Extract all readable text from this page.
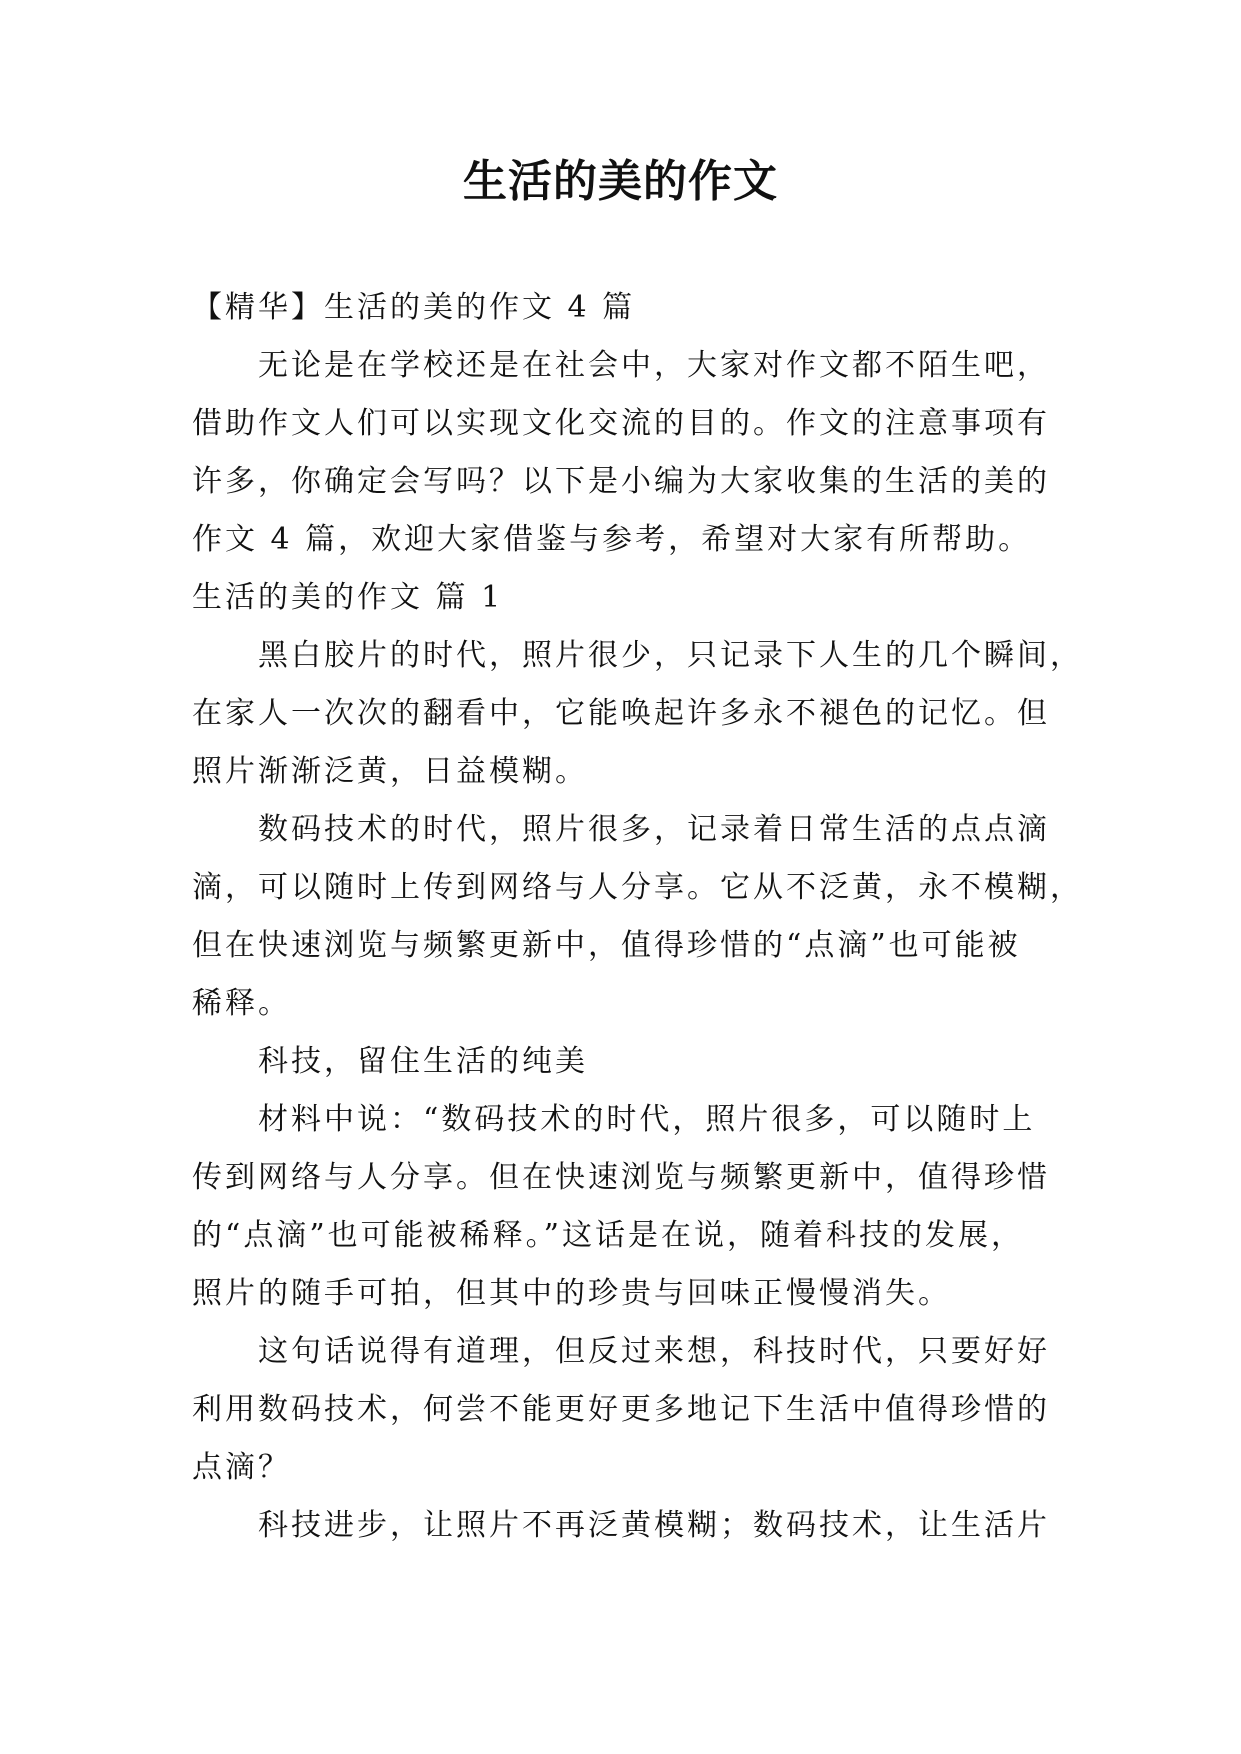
生活的美的作文
【精华】生活的美的作文 4 篇
无论是在学校还是在社会中，大家对作文都不陌生吧，
借助作文人们可以实现文化交流的目的。作文的注意事项有
许多，你确定会写吗？以下是小编为大家收集的生活的美的
作文 4 篇，欢迎大家借鉴与参考，希望对大家有所帮助。
生活的美的作文 篇 1
黑白胶片的时代，照片很少，只记录下人生的几个瞬间，
在家人一次次的翻看中，它能唤起许多永不褪色的记忆。但
照片渐渐泛黄，日益模糊。
数码技术的时代，照片很多，记录着日常生活的点点滴
滴，可以随时上传到网络与人分享。它从不泛黄，永不模糊，
但在快速浏览与频繁更新中，值得珍惜的“点滴”也可能被
稀释。
科技，留住生活的纯美
材料中说：“数码技术的时代，照片很多，可以随时上
传到网络与人分享。但在快速浏览与频繁更新中，值得珍惜
的“点滴”也可能被稀释。”这话是在说，随着科技的发展，
照片的随手可拍，但其中的珍贵与回味正慢慢消失。
这句话说得有道理，但反过来想，科技时代，只要好好
利用数码技术，何尝不能更好更多地记下生活中值得珍惜的
点滴？
科技进步，让照片不再泛黄模糊；数码技术，让生活片
